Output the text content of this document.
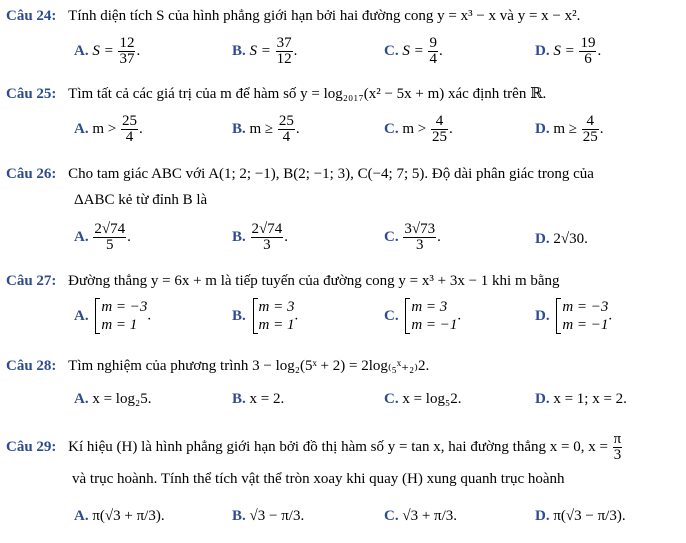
Câu 24: Tính diện tích S của hình phẳng giới hạn bởi hai đường cong y = x³ − x và y = x − x².
A. $S = \frac{12}{37}$ .	B. $S = \frac{37}{12}$ .	C. $S = \frac{9}{4}$ .	D. $S = \frac{19}{6}$ .
Câu 25: Tìm tất cả các giá trị của m để hàm số y = log₂₀₁₇(x² − 5x + m) xác định trên ℝ.
A. $m > \frac{25}{4}$ .	B. $m \ge \frac{25}{4}$ .	C. $m > \frac{4}{25}$ .	D. $m \ge \frac{4}{25}$ .
Câu 26: Cho tam giác ABC với A(1; 2; −1), B(2; −1; 3), C(−4; 7; 5). Độ dài phân giác trong của
ΔABC kẻ từ đỉnh B là
A. $\frac{2√74}{5}$ .	B. $\frac{2√74}{3}$ .	C. $\frac{3√73}{3}$ .	D. 2√30.
Câu 27: Đường thẳng y = 6x + m là tiếp tuyến của đường cong y = x³ + 3x − 1 khi m bằng
A.
m = −3
m = 1
.	B.
m = 3
m = 1
.	C.
m = 3
m = −1
.	D.
m = −3
m = −1
.
Câu 28: Tìm nghiệm của phương trình 3 − log₂(5ˣ + 2) = 2log₍₅ˣ₊₂₎2.
A. x = log₂5.	B. x = 2.	C. x = log₅2.	D. x = 1; x = 2.
Câu 29: Kí hiệu (H) là hình phẳng giới hạn bởi đồ thị hàm số y = tan x, hai đường thẳng x = 0, $x = \frac{\pi}{3}$
và trục hoành. Tính thể tích vật thể tròn xoay khi quay (H) xung quanh trục hoành
A. π(√3 + π/3).	B. √3 − π/3.	C. √3 + π/3.	D. π(√3 − π/3).
